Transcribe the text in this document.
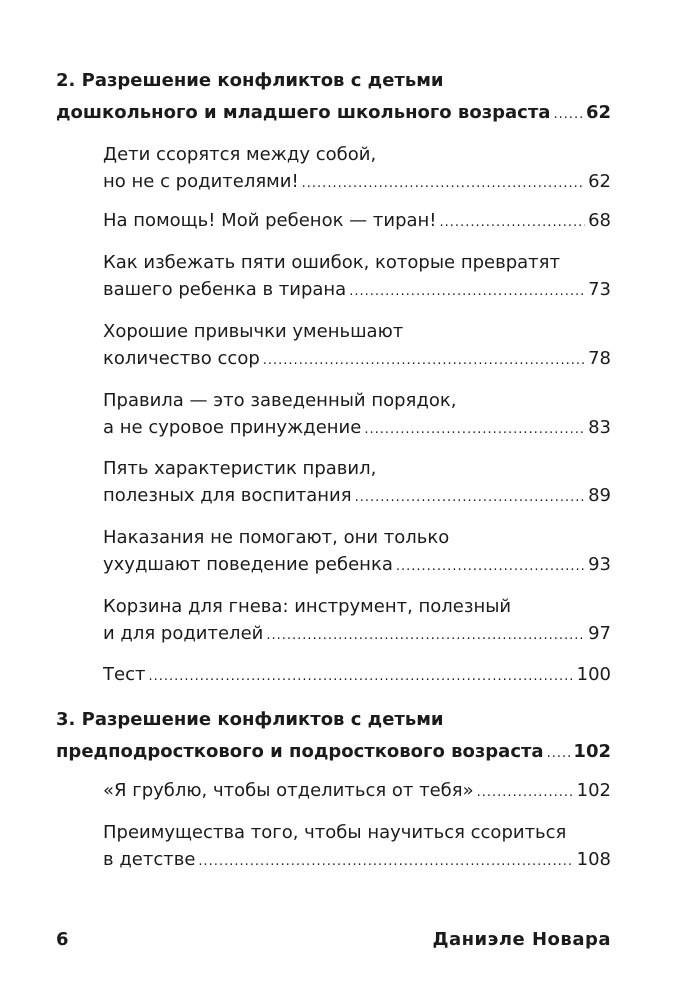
2. Разрешение конфликтов с детьми
дошкольного и младшего школьного возраста ..... 62
Дети ссорятся между собой,
но не с родителями! .....	62
На помощь! Мой ребенок — тиран! .....	68
Как избежать пяти ошибок, которые превратят
вашего ребенка в тирана .....	73
Хорошие привычки уменьшают
количество ссор .....	78
Правила — это заведенный порядок,
а не суровое принуждение .....	83
Пять характеристик правил,
полезных для воспитания .....	89
Наказания не помогают, они только
ухудшают поведение ребенка .....	93
Корзина для гнева: инструмент, полезный
и для родителей .....	97
Тест .....	100
3. Разрешение конфликтов с детьми
предподросткового и подросткового возраста ..... 102
«Я грублю, чтобы отделиться от тебя» .....	102
Преимущества того, чтобы научиться ссориться
в детстве .....	108
6	Даниэле Новара
